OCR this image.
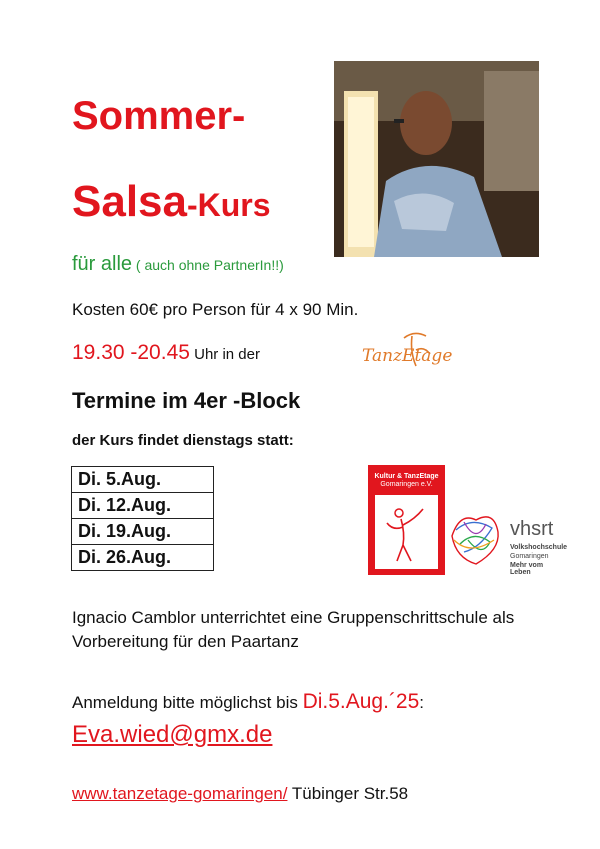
Sommer-
Salsa-Kurs
für alle ( auch ohne PartnerIn!!)
Kosten 60€ pro Person für 4 x 90 Min.
19.30 -20.45 Uhr in der	TanzEtage
Termine im 4er -Block
der Kurs findet dienstags statt:
Di. 5.Aug.
Di. 12.Aug.
Di. 19.Aug.
Di. 26.Aug.
Kultur & TanzEtage
Gomaringen e.V.
vhsrt
Volkshochschule
Gomaringen
Mehr vom Leben
Ignacio Camblor unterrichtet eine Gruppenschrittschule als Vorbereitung für den Paartanz
Anmeldung bitte möglichst bis Di.5.Aug.´25:
Eva.wied@gmx.de
www.tanzetage-gomaringen/ Tübinger Str.58
